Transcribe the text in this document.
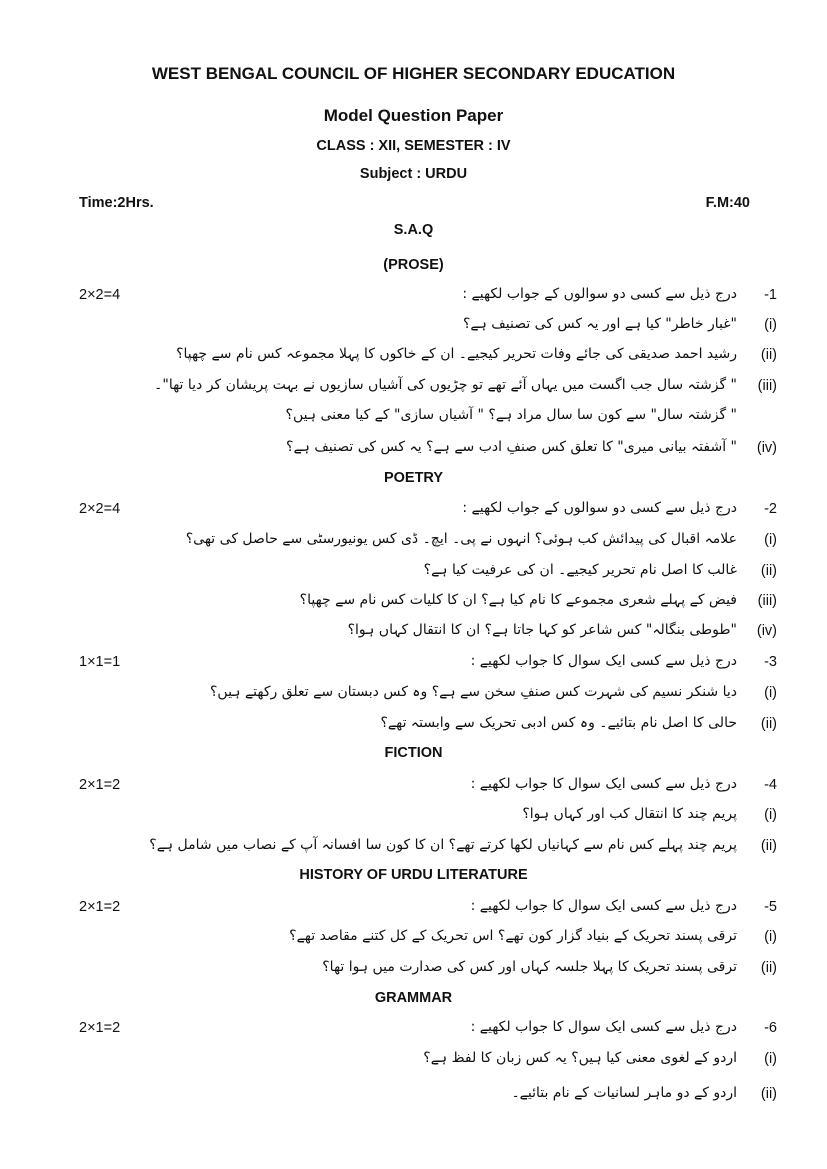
WEST BENGAL COUNCIL OF HIGHER SECONDARY EDUCATION
Model Question Paper
CLASS : XII, SEMESTER : IV
Subject : URDU
Time:2Hrs.	F.M:40
S.A.Q
(PROSE)
2×2=4	-1
درج ذیل سے کسی دو سوالوں کے جواب لکھیے :
(i)
"غبار خاطر" کیا ہے اور یہ کس کی تصنیف ہے؟
(ii)
رشید احمد صدیقی کی جائے وفات تحریر کیجیے۔ ان کے خاکوں کا پہلا مجموعہ کس نام سے چھپا؟
(iii)
" گزشتہ سال جب اگست میں یہاں آئے تھے تو چڑیوں کی آشیاں سازیوں نے بہت پریشان کر دیا تھا"۔
" گزشتہ سال" سے کون سا سال مراد ہے؟ " آشیاں سازی" کے کیا معنی ہیں؟
(iv)
" آشفتہ بیانی میری" کا تعلق کس صنفِ ادب سے ہے؟ یہ کس کی تصنیف ہے؟
POETRY
2×2=4	-2
درج ذیل سے کسی دو سوالوں کے جواب لکھیے :
(i)
علامہ اقبال کی پیدائش کب ہوئی؟ انہوں نے پی۔ ایچ۔ ڈی کس یونیورسٹی سے حاصل کی تھی؟
(ii)
غالب کا اصل نام تحریر کیجیے۔ ان کی عرفیت کیا ہے؟
(iii)
فیض کے پہلے شعری مجموعے کا نام کیا ہے؟ ان کا کلیات کس نام سے چھپا؟
(iv)
"طوطی بنگالہ" کس شاعر کو کہا جاتا ہے؟ ان کا انتقال کہاں ہوا؟
1×1=1	-3
درج ذیل سے کسی ایک سوال کا جواب لکھیے :
(i)
دیا شنکر نسیم کی شہرت کس صنفِ سخن سے ہے؟ وہ کس دبستان سے تعلق رکھتے ہیں؟
(ii)
حالی کا اصل نام بتائیے۔ وہ کس ادبی تحریک سے وابستہ تھے؟
FICTION
2×1=2	-4
درج ذیل سے کسی ایک سوال کا جواب لکھیے :
(i)
پریم چند کا انتقال کب اور کہاں ہوا؟
(ii)
پریم چند پہلے کس نام سے کہانیاں لکھا کرتے تھے؟ ان کا کون سا افسانہ آپ کے نصاب میں شامل ہے؟
HISTORY OF URDU LITERATURE
2×1=2	-5
درج ذیل سے کسی ایک سوال کا جواب لکھیے :
(i)
ترقی پسند تحریک کے بنیاد گزار کون تھے؟ اس تحریک کے کل کتنے مقاصد تھے؟
(ii)
ترقی پسند تحریک کا پہلا جلسہ کہاں اور کس کی صدارت میں ہوا تھا؟
GRAMMAR
2×1=2	-6
درج ذیل سے کسی ایک سوال کا جواب لکھیے :
(i)
اردو کے لغوی معنی کیا ہیں؟ یہ کس زبان کا لفظ ہے؟
(ii)
اردو کے دو ماہر لسانیات کے نام بتائیے۔
